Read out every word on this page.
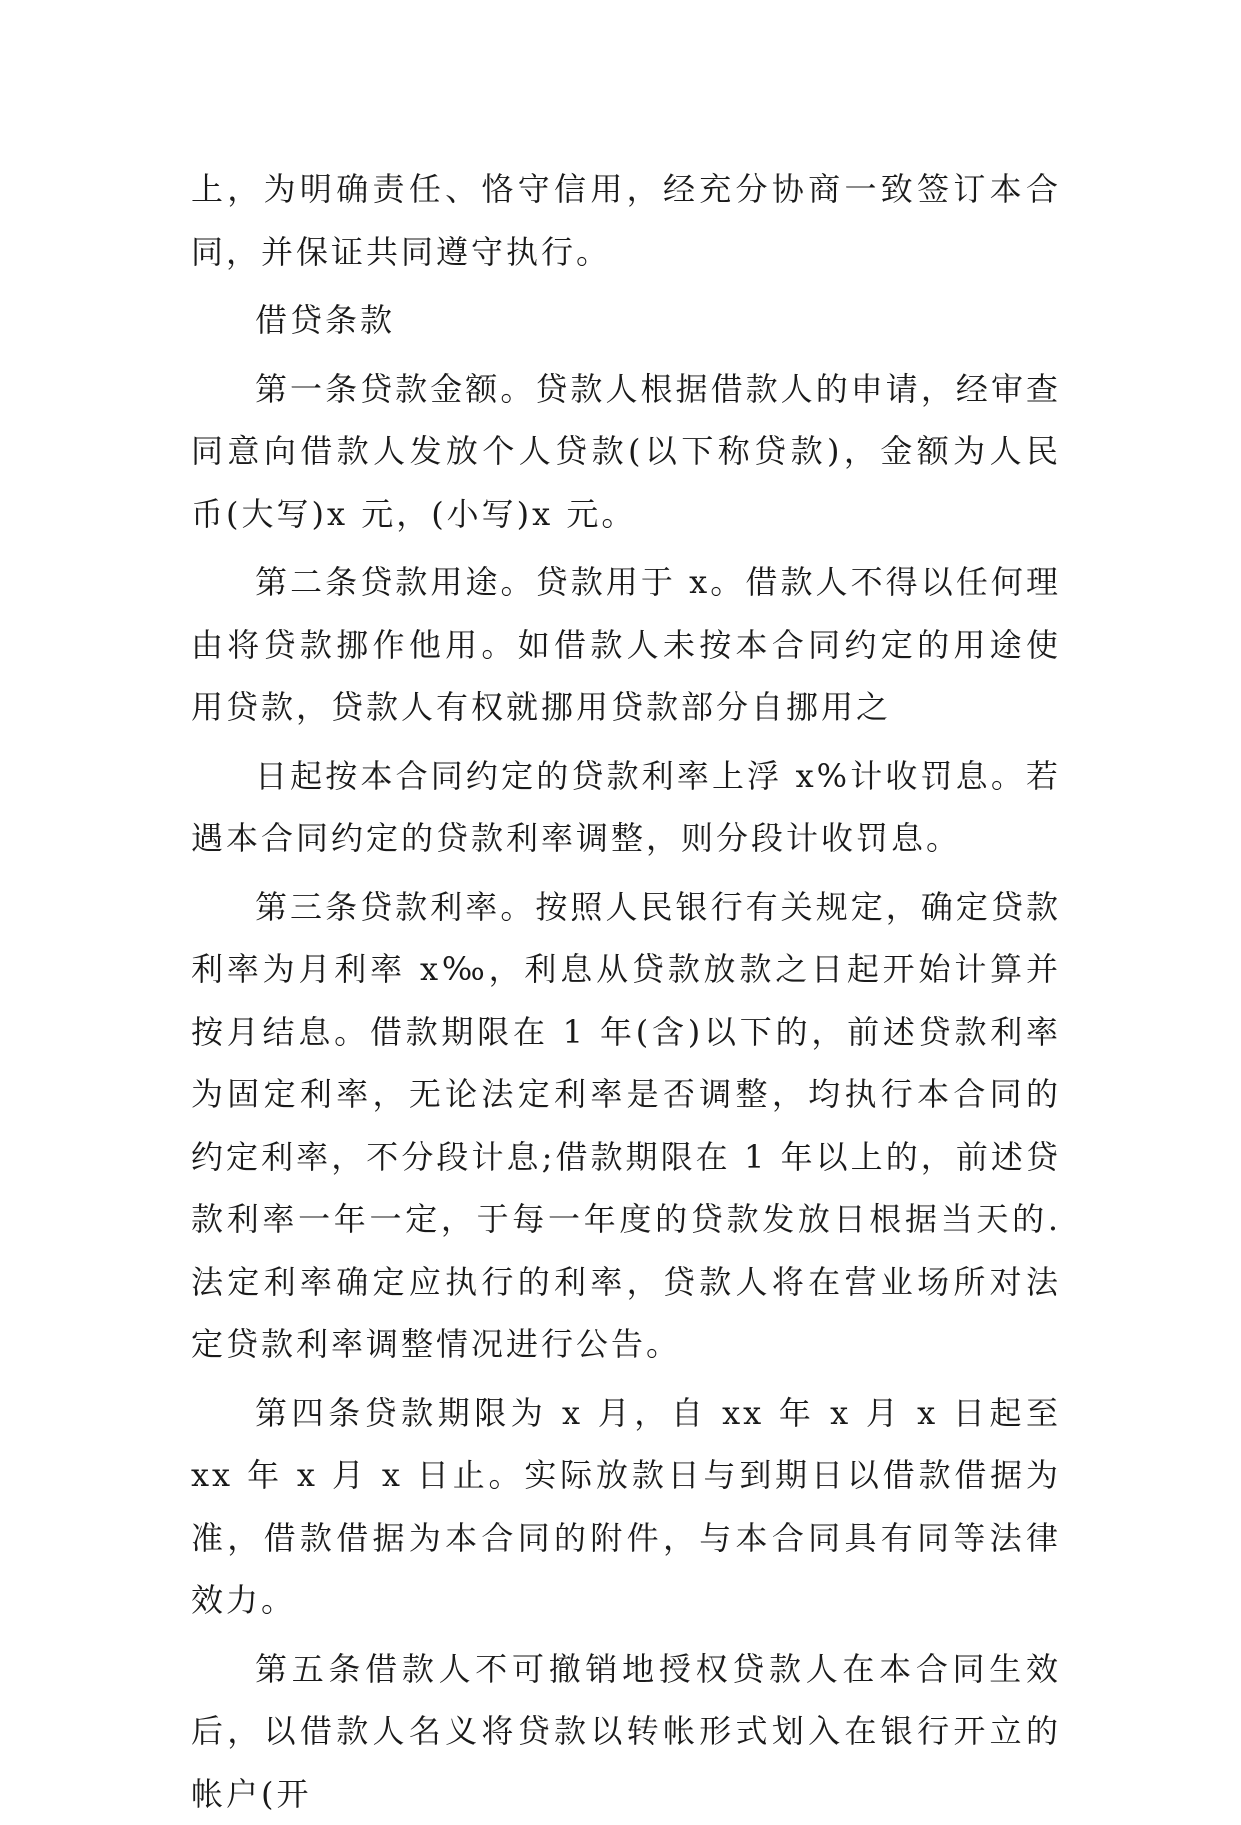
上，为明确责任、恪守信用，经充分协商一致签订本合同，并保证共同遵守执行。

借贷条款

第一条贷款金额。贷款人根据借款人的申请，经审查同意向借款人发放个人贷款(以下称贷款)，金额为人民币(大写)x 元，(小写)x 元。

第二条贷款用途。贷款用于 x。借款人不得以任何理由将贷款挪作他用。如借款人未按本合同约定的用途使用贷款，贷款人有权就挪用贷款部分自挪用之

日起按本合同约定的贷款利率上浮 x%计收罚息。若遇本合同约定的贷款利率调整，则分段计收罚息。

第三条贷款利率。按照人民银行有关规定，确定贷款利率为月利率 x‰，利息从贷款放款之日起开始计算并按月结息。借款期限在 1 年(含)以下的，前述贷款利率为固定利率，无论法定利率是否调整，均执行本合同的约定利率，不分段计息;借款期限在 1 年以上的，前述贷款利率一年一定，于每一年度的贷款发放日根据当天的.法定利率确定应执行的利率，贷款人将在营业场所对法定贷款利率调整情况进行公告。

第四条贷款期限为 x 月，自 xx 年 x 月 x 日起至 xx 年 x 月 x 日止。实际放款日与到期日以借款借据为准，借款借据为本合同的附件，与本合同具有同等法律效力。

第五条借款人不可撤销地授权贷款人在本合同生效后，以借款人名义将贷款以转帐形式划入在银行开立的帐户(开
